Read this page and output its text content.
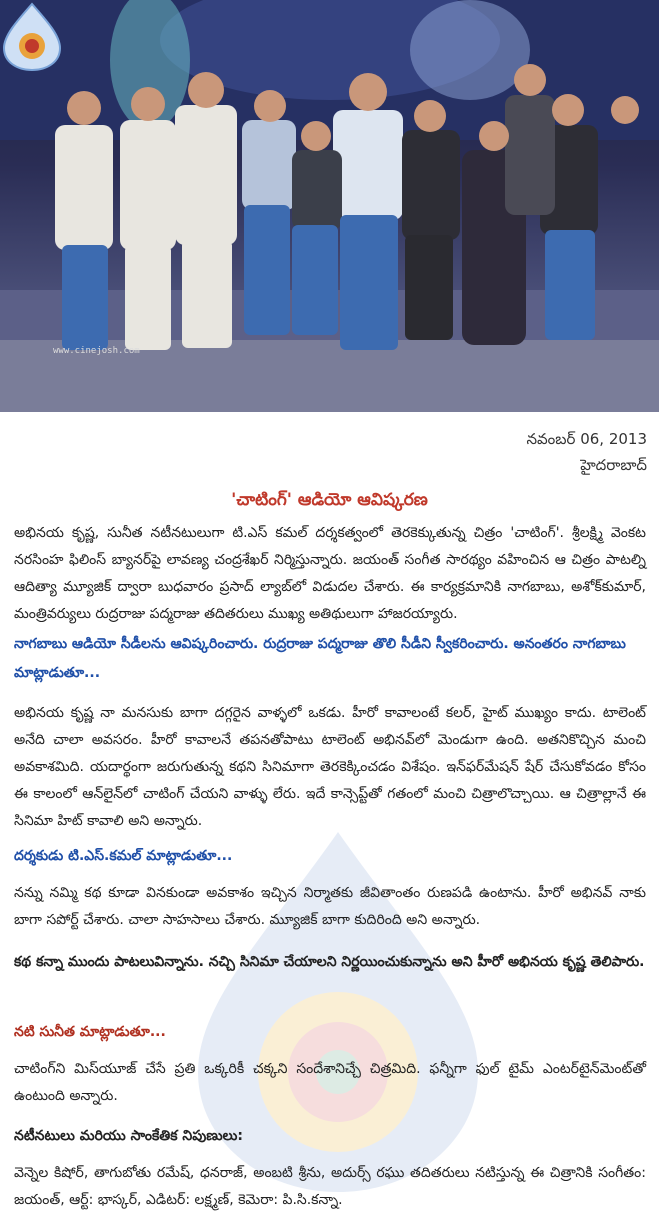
www.cinejosh.com
నవంబర్ 06, 2013
హైదరాబాద్
'చాటింగ్' ఆడియో ఆవిష్కరణ
అభినయ కృష్ణ, సునీత నటీనటులుగా టి.ఎస్ కమల్ దర్శకత్వంలో తెరకెక్కుతున్న చిత్రం 'చాటింగ్'. శ్రీలక్ష్మి వెంకట నరసింహ ఫిలింస్ బ్యానర్‌పై లావణ్య చంద్రశేఖర్ నిర్మిస్తున్నారు. జయంత్ సంగీత సారథ్యం వహించిన ఆ చిత్రం పాటల్ని ఆదిత్యా మ్యూజిక్ ద్వారా బుధవారం ప్రసాద్ ల్యాబ్‌లో విడుదల చేశారు. ఈ కార్యక్రమానికి నాగబాబు, అశోక్‌కుమార్, మంత్రివర్యులు రుద్రరాజు పద్మరాజు తదితరులు ముఖ్య అతిథులుగా హాజరయ్యారు.
నాగబాబు ఆడియో సీడీలను ఆవిష్కరించారు. రుద్రరాజు పద్మరాజు తొలి సీడీని స్వీకరించారు. అనంతరం నాగబాబు మాట్లాడుతూ...
అభినయ కృష్ణ నా మనసుకు బాగా దగ్గరైన వాళ్ళలో ఒకడు. హీరో కావాలంటే కలర్, హైట్ ముఖ్యం కాదు. టాలెంట్ అనేది చాలా అవసరం. హీరో కావాలనే తపనతోపాటు టాలెంట్ అభినవ్‌లో మెండుగా ఉంది. అతనికొచ్చిన మంచి అవకాశమిది. యదార్థంగా జరుగుతున్న కథని సినిమాగా తెరకెక్కించడం విశేషం. ఇన్‌ఫర్‌మేషన్ షేర్ చేసుకోవడం కోసం ఈ కాలంలో ఆన్‌లైన్‌లో చాటింగ్ చేయని వాళ్ళు లేరు. ఇదే కాన్సెప్ట్‌తో గతంలో మంచి చిత్రాలొచ్చాయి. ఆ చిత్రాల్లానే ఈ సినిమా హిట్ కావాలి అని అన్నారు.
దర్శకుడు టి.ఎస్.కమల్ మాట్లాడుతూ...
నన్ను నమ్మి కథ కూడా వినకుండా అవకాశం ఇచ్చిన నిర్మాతకు జీవితాంతం రుణపడి ఉంటాను. హీరో అభినవ్ నాకు బాగా సపోర్ట్ చేశారు. చాలా సాహసాలు చేశారు. మ్యూజిక్ బాగా కుదిరింది అని అన్నారు.
కథ కన్నా ముందు పాటలువిన్నాను. నచ్చి సినిమా చేయాలని నిర్ణయించుకున్నాను అని హీరో అభినయ కృష్ణ తెలిపారు.
నటి సునీత మాట్లాడుతూ...
చాటింగ్‌ని మిస్‌యూజ్ చేసే ప్రతి ఒక్కరికీ చక్కని సందేశానిచ్చే చిత్రమిది. ఫన్నీగా ఫుల్ టైమ్ ఎంటర్‌టైన్‌మెంట్‌తో ఉంటుంది అన్నారు.
నటీనటులు మరియు సాంకేతిక నిపుణులు:
వెన్నెల కిషోర్, తాగుబోతు రమేష్, ధనరాజ్, అంబటి శ్రీను, అదుర్స్ రఘు తదితరులు నటిస్తున్న ఈ చిత్రానికి సంగీతం: జయంత్, ఆర్ట్: భాస్కర్, ఎడిటర్: లక్ష్మణ్, కెమెరా: పి.సి.కన్నా.
